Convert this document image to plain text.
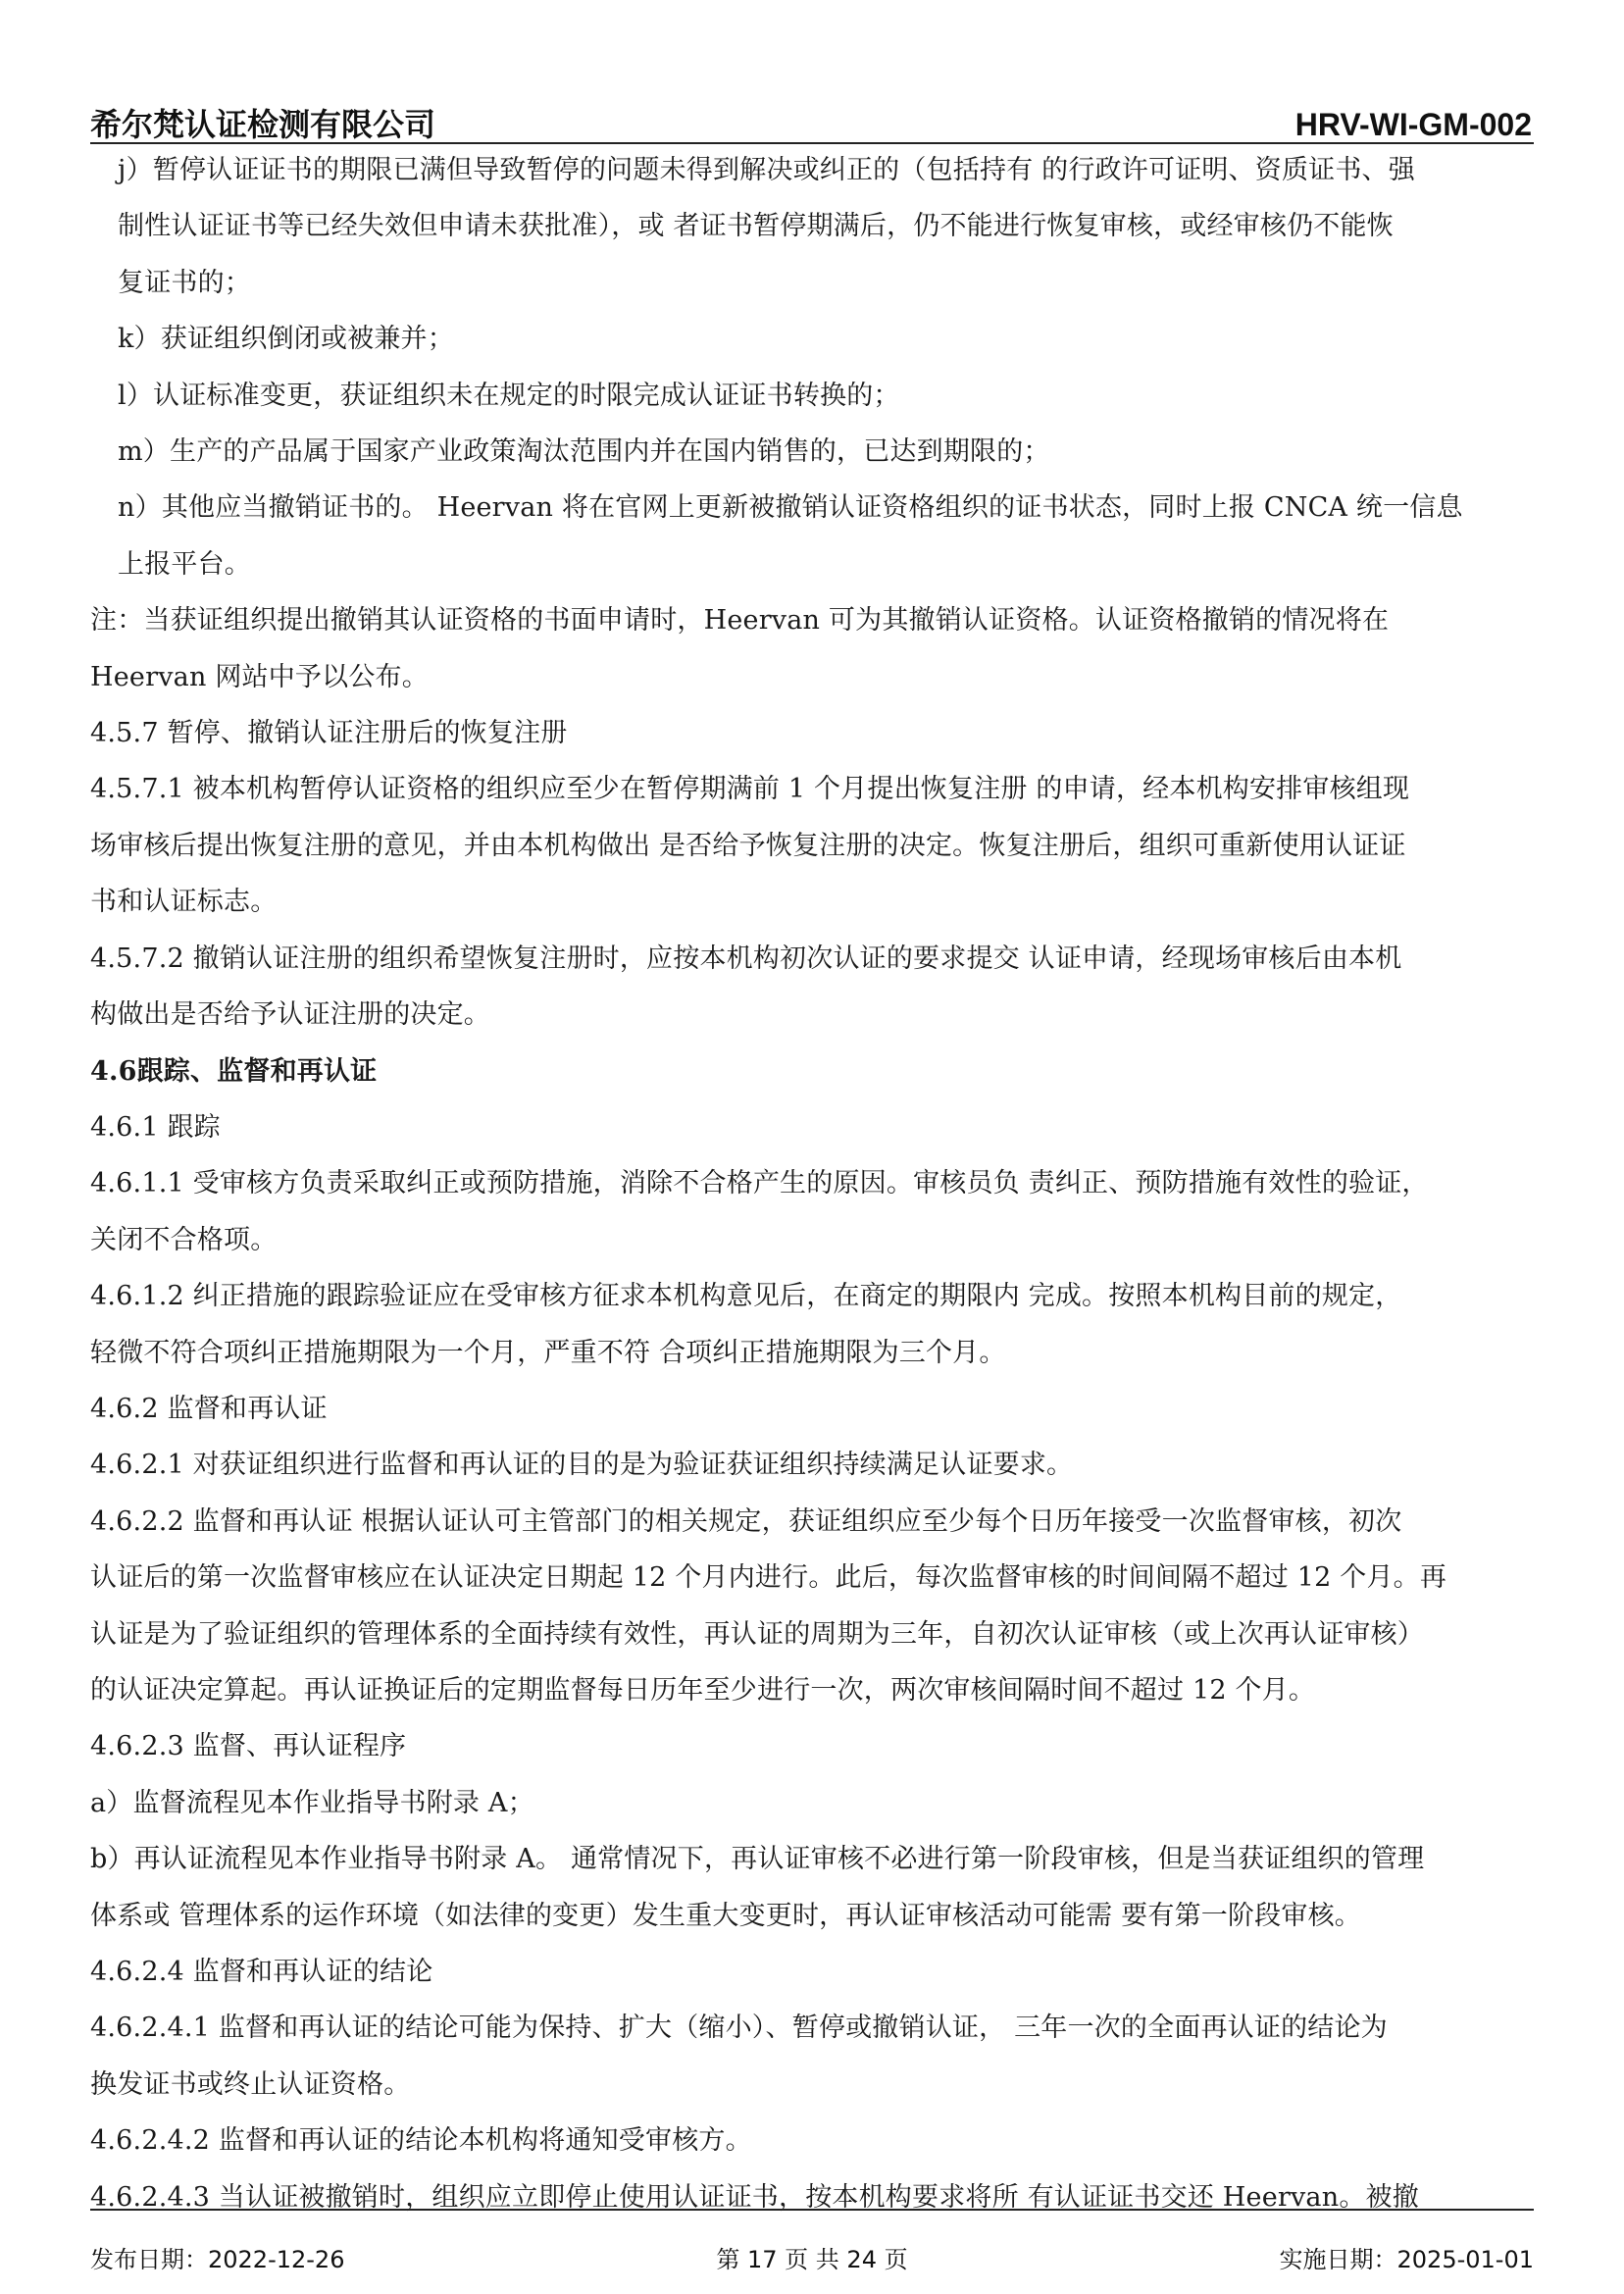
希尔梵认证检测有限公司	HRV-WI-GM-002

j）暂停认证证书的期限已满但导致暂停的问题未得到解决或纠正的（包括持有 的行政许可证明、资质证书、强

制性认证证书等已经失效但申请未获批准），或 者证书暂停期满后，仍不能进行恢复审核，或经审核仍不能恢

复证书的；

k）获证组织倒闭或被兼并；

l）认证标准变更，获证组织未在规定的时限完成认证证书转换的；

m）生产的产品属于国家产业政策淘汰范围内并在国内销售的，已达到期限的；

n）其他应当撤销证书的。 Heervan 将在官网上更新被撤销认证资格组织的证书状态，同时上报 CNCA 统一信息

上报平台。

注：当获证组织提出撤销其认证资格的书面申请时，Heervan 可为其撤销认证资格。认证资格撤销的情况将在

Heervan 网站中予以公布。

4.5.7 暂停、撤销认证注册后的恢复注册

4.5.7.1 被本机构暂停认证资格的组织应至少在暂停期满前 1 个月提出恢复注册 的申请，经本机构安排审核组现

场审核后提出恢复注册的意见，并由本机构做出 是否给予恢复注册的决定。恢复注册后，组织可重新使用认证证

书和认证标志。

4.5.7.2 撤销认证注册的组织希望恢复注册时，应按本机构初次认证的要求提交 认证申请，经现场审核后由本机

构做出是否给予认证注册的决定。

4.6跟踪、监督和再认证

4.6.1 跟踪

4.6.1.1 受审核方负责采取纠正或预防措施，消除不合格产生的原因。审核员负 责纠正、预防措施有效性的验证，

关闭不合格项。

4.6.1.2 纠正措施的跟踪验证应在受审核方征求本机构意见后，在商定的期限内 完成。按照本机构目前的规定，

轻微不符合项纠正措施期限为一个月，严重不符 合项纠正措施期限为三个月。

4.6.2 监督和再认证

4.6.2.1 对获证组织进行监督和再认证的目的是为验证获证组织持续满足认证要求。

4.6.2.2 监督和再认证 根据认证认可主管部门的相关规定，获证组织应至少每个日历年接受一次监督审核，初次

认证后的第一次监督审核应在认证决定日期起 12 个月内进行。此后，每次监督审核的时间间隔不超过 12 个月。再

认证是为了验证组织的管理体系的全面持续有效性，再认证的周期为三年，自初次认证审核（或上次再认证审核）

的认证决定算起。再认证换证后的定期监督每日历年至少进行一次，两次审核间隔时间不超过 12 个月。

4.6.2.3 监督、再认证程序

a）监督流程见本作业指导书附录 A；

b）再认证流程见本作业指导书附录 A。 通常情况下，再认证审核不必进行第一阶段审核，但是当获证组织的管理

体系或 管理体系的运作环境（如法律的变更）发生重大变更时，再认证审核活动可能需 要有第一阶段审核。

4.6.2.4 监督和再认证的结论

4.6.2.4.1 监督和再认证的结论可能为保持、扩大（缩小）、暂停或撤销认证， 三年一次的全面再认证的结论为

换发证书或终止认证资格。

4.6.2.4.2 监督和再认证的结论本机构将通知受审核方。

4.6.2.4.3 当认证被撤销时，组织应立即停止使用认证证书，按本机构要求将所 有认证证书交还 Heervan。被撤

发布日期：2022-12-26	第 17 页 共 24 页	实施日期：2025-01-01
